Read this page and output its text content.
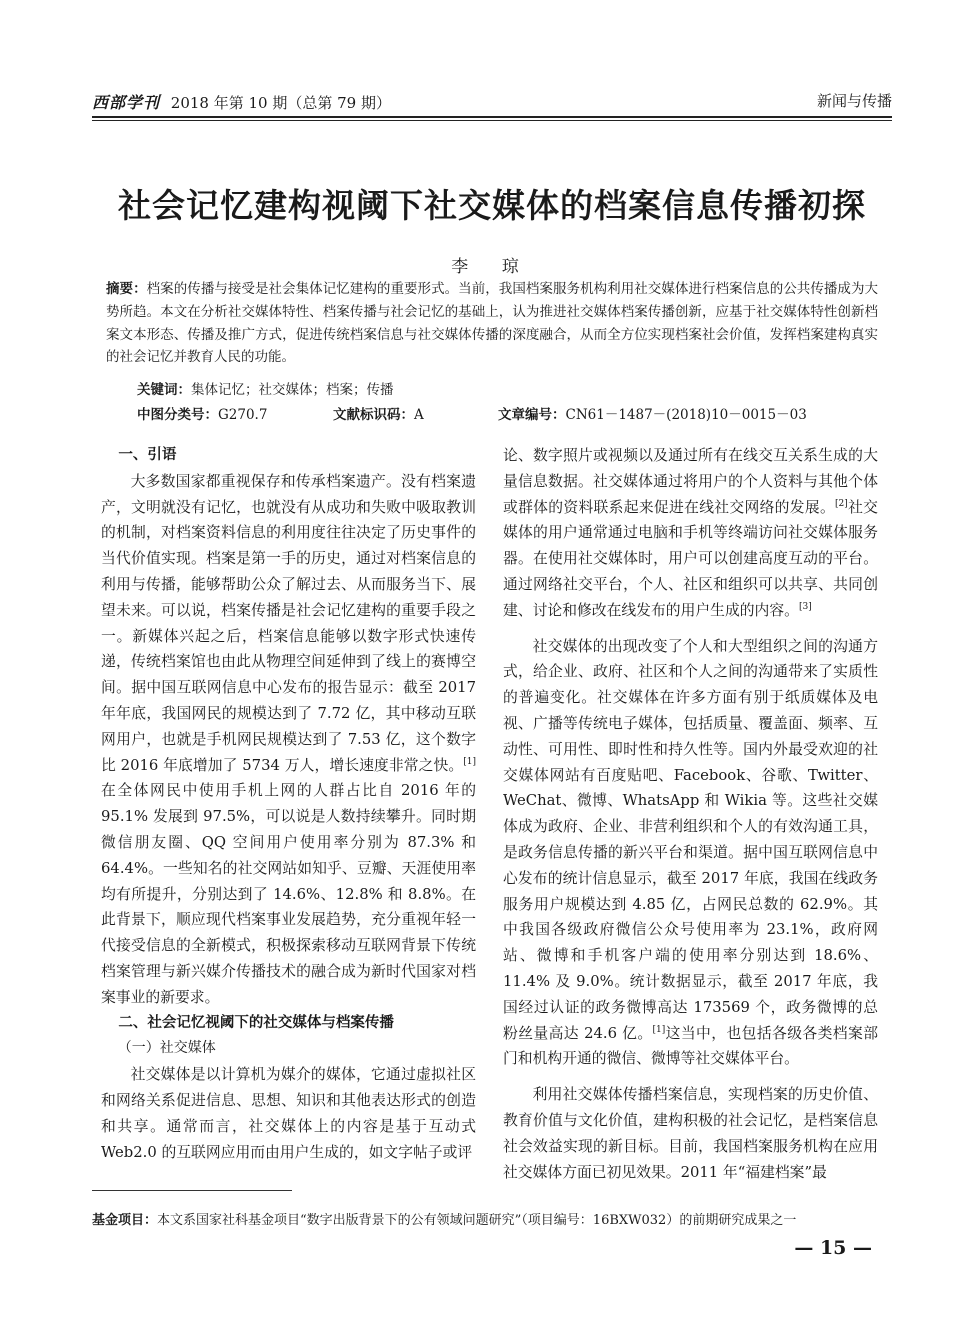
西部学刊 2018 年第 10 期（总第 79 期）	新闻与传播
社会记忆建构视阈下社交媒体的档案信息传播初探
李 琼
摘要：档案的传播与接受是社会集体记忆建构的重要形式。当前，我国档案服务机构利用社交媒体进行档案信息的公共传播成为大势所趋。本文在分析社交媒体特性、档案传播与社会记忆的基础上，认为推进社交媒体档案传播创新，应基于社交媒体特性创新档案文本形态、传播及推广方式，促进传统档案信息与社交媒体传播的深度融合，从而全方位实现档案社会价值，发挥档案建构真实的社会记忆并教育人民的功能。
关键词：集体记忆；社交媒体；档案；传播
中图分类号：G270.7	文献标识码：A	文章编号：CN61－1487－(2018)10－0015－03
一、引语

大多数国家都重视保存和传承档案遗产。没有档案遗产，文明就没有记忆，也就没有从成功和失败中吸取教训的机制，对档案资料信息的利用度往往决定了历史事件的当代价值实现。档案是第一手的历史，通过对档案信息的利用与传播，能够帮助公众了解过去、从而服务当下、展望未来。可以说，档案传播是社会记忆建构的重要手段之一。新媒体兴起之后，档案信息能够以数字形式快速传递，传统档案馆也由此从物理空间延伸到了线上的赛博空间。据中国互联网信息中心发布的报告显示：截至 2017 年年底，我国网民的规模达到了 7.72 亿，其中移动互联网用户，也就是手机网民规模达到了 7.53 亿，这个数字比 2016 年底增加了 5734 万人，增长速度非常之快。[1]在全体网民中使用手机上网的人群占比自 2016 年的 95.1% 发展到 97.5%，可以说是人数持续攀升。同时期微信朋友圈、QQ 空间用户使用率分别为 87.3% 和 64.4%。一些知名的社交网站如知乎、豆瓣、天涯使用率均有所提升，分别达到了 14.6%、12.8% 和 8.8%。在此背景下，顺应现代档案事业发展趋势，充分重视年轻一代接受信息的全新模式，积极探索移动互联网背景下传统档案管理与新兴媒介传播技术的融合成为新时代国家对档案事业的新要求。

二、社会记忆视阈下的社交媒体与档案传播
（一）社交媒体

社交媒体是以计算机为媒介的媒体，它通过虚拟社区和网络关系促进信息、思想、知识和其他表达形式的创造和共享。通常而言，社交媒体上的内容是基于互动式 Web2.0 的互联网应用而由用户生成的，如文字帖子或评

论、数字照片或视频以及通过所有在线交互关系生成的大量信息数据。社交媒体通过将用户的个人资料与其他个体或群体的资料联系起来促进在线社交网络的发展。[2]社交媒体的用户通常通过电脑和手机等终端访问社交媒体服务器。在使用社交媒体时，用户可以创建高度互动的平台。通过网络社交平台，个人、社区和组织可以共享、共同创建、讨论和修改在线发布的用户生成的内容。[3]

社交媒体的出现改变了个人和大型组织之间的沟通方式，给企业、政府、社区和个人之间的沟通带来了实质性的普遍变化。社交媒体在许多方面有别于纸质媒体及电视、广播等传统电子媒体，包括质量、覆盖面、频率、互动性、可用性、即时性和持久性等。国内外最受欢迎的社交媒体网站有百度贴吧、Facebook、谷歌、Twitter、WeChat、微博、WhatsApp 和 Wikia 等。这些社交媒体成为政府、企业、非营利组织和个人的有效沟通工具，是政务信息传播的新兴平台和渠道。据中国互联网信息中心发布的统计信息显示，截至 2017 年底，我国在线政务服务用户规模达到 4.85 亿，占网民总数的 62.9%。其中我国各级政府微信公众号使用率为 23.1%，政府网站、微博和手机客户端的使用率分别达到 18.6%、11.4% 及 9.0%。统计数据显示，截至 2017 年底，我国经过认证的政务微博高达 173569 个，政务微博的总粉丝量高达 24.6 亿。[1]这当中，也包括各级各类档案部门和机构开通的微信、微博等社交媒体平台。

利用社交媒体传播档案信息，实现档案的历史价值、教育价值与文化价值，建构积极的社会记忆，是档案信息社会效益实现的新目标。目前，我国档案服务机构在应用社交媒体方面已初见效果。2011 年“福建档案”最

基金项目：本文系国家社科基金项目“数字出版背景下的公有领域问题研究”（项目编号：16BXW032）的前期研究成果之一
— 15 —
